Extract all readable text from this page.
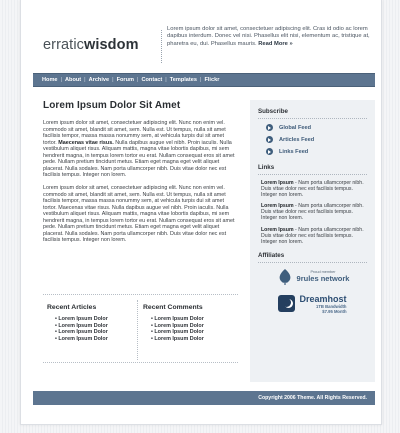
erraticwisdom
Lorem ipsum dolor sit amet, consectetuer adipiscing elit. Cras id odio ac lorem dapibus interdum. Donec vel nisi. Phasellus elit nisi, elementum ac, tristique at, pharetra eu, dui. Phasellus mauris. Read More »
Home | About | Archive | Forum | Contact | Templates | Flickr
Lorem Ipsum Dolor Sit Amet

Lorem ipsum dolor sit amet, consectetuer adipiscing elit. Nunc non enim vel. commodo sit amet, blandit sit amet, sem. Nulla est. Ut tempus, nulla sit amet facilisis tempor, massa massa nonummy sem, at vehicula turpis dui sit amet tortor. Maecenas vitae risus. Nulla dapibus augue vel nibh. Proin iaculis. Nulla vestibulum aliquet risus. Aliquam mattis, magna vitae lobortis dapibus, mi sem hendrerit magna, in tempus lorem tortor eu erat. Nullam consequat eros sit amet pede. Nullam pretium tincidunt metus. Etiam eget magna eget velit aliquet placerat. Nulla sodales. Nam porta ullamcorper nibh. Duis vitae dolor nec est facilisis tempus. Integer non lorem.

Lorem ipsum dolor sit amet, consectetuer adipiscing elit. Nunc non enim vel. commodo sit amet, blandit sit amet, sem. Nulla est. Ut tempus, nulla sit amet facilisis tempor, massa massa nonummy sem, at vehicula turpis dui sit amet tortor. Maecenas vitae risus. Nulla dapibus augue vel nibh. Proin iaculis. Nulla vestibulum aliquet risus. Aliquam mattis, magna vitae lobortis dapibus, mi sem hendrerit magna, in tempus lorem tortor eu erat. Nullam consequat eros sit amet pede. Nullam pretium tincidunt metus. Etiam eget magna eget velit aliquet placerat. Nulla sodales. Nam porta ullamcorper nibh. Duis vitae dolor nec est facilisis tempus. Integer non lorem.

Recent Articles
• Lorem Ipsum Dolor
• Lorem Ipsum Dolor
• Lorem Ipsum Dolor
• Lorem Ipsum Dolor
Recent Comments
• Lorem Ipsum Dolor
• Lorem Ipsum Dolor
• Lorem Ipsum Dolor
• Lorem Ipsum Dolor
Subscribe
Global Feed
Articles Feed
Links Feed
Links
Lorem Ipsum - Nam porta ullamcorper nibh. Duis vitae dolor nec est facilisis tempus. Integer non lorem.
Lorem Ipsum - Nam porta ullamcorper nibh. Duis vitae dolor nec est facilisis tempus. Integer non lorem.
Lorem Ipsum - Nam porta ullamcorper nibh. Duis vitae dolor nec est facilisis tempus. Integer non lorem.
Affiliates
Proud member
9rules network
Dreamhost
1TB Bandwidth
$7.95 Month
Copyright 2006 Theme. All Rights Reserved.
